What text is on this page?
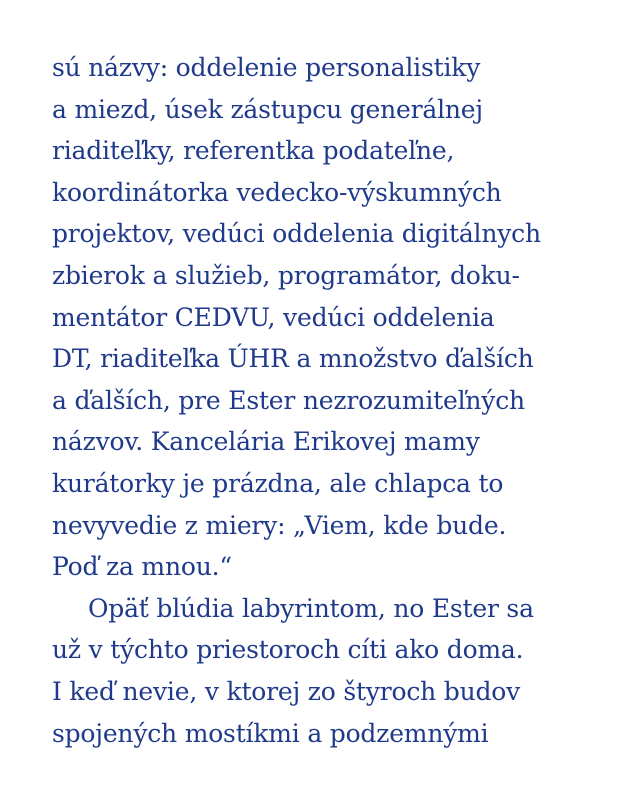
sú názvy: oddelenie personalistiky
a miezd, úsek zástupcu generálnej
riaditeľky, referentka podateľne,
koordinátorka vedecko-výskumných
projektov, vedúci oddelenia digitálnych
zbierok a služieb, programátor, doku-
mentátor CEDVU, vedúci oddelenia
DT, riaditeľka ÚHR a množstvo ďalších
a ďalších, pre Ester nezrozumiteľných
názvov. Kancelária Erikovej mamy
kurátorky je prázdna, ale chlapca to
nevyvedie z miery: „Viem, kde bude.
Poď za mnou.“
Opäť blúdia labyrintom, no Ester sa
už v týchto priestoroch cíti ako doma.
I keď nevie, v ktorej zo štyroch budov
spojených mostíkmi a podzemnými
